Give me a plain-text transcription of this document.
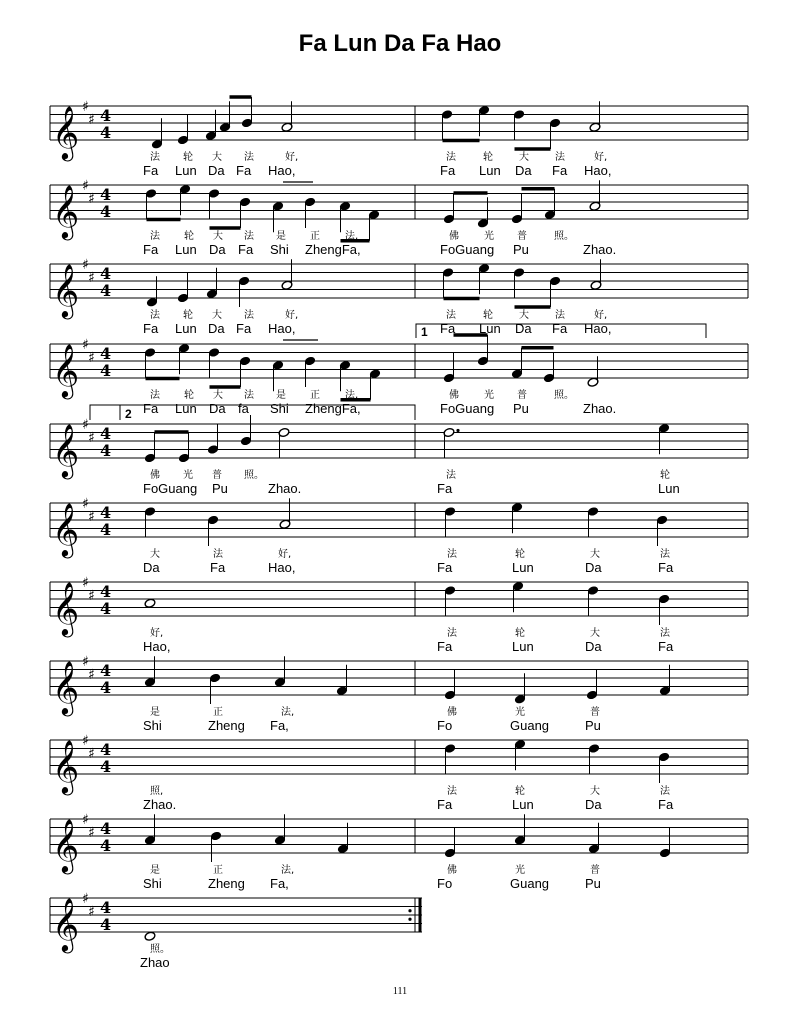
Fa Lun Da Fa Hao
𝄞 ♯
♯ 4
4
法 轮 大 法	好,	法	轮	大	法	好,
Fa Lun Da Fa Hao,	Fa Lun Da Fa Hao,
𝄞 ♯
♯ 4
4
法 轮 大 法 是 正	法,	佛	光 普	照。
Fa Lun Da Fa Shi ZhengFa,	FoGuang Pu	Zhao.
𝄞 ♯
♯ 4
4
法 轮 大 法	好,	法	轮	大	法	好,
Fa Lun Da Fa Hao,	Fa Lun Da Fa Hao,
𝄞 ♯
♯ 4
4
法 轮 大 法 是 正	法,	佛	光 普	照。
Fa Lun Da fa Shi ZhengFa,	FoGuang Pu	Zhao.
𝄞 ♯
♯ 4
4
佛 光 普 照。	法	轮
FoGuang Pu	Zhao.	Fa	Lun
𝄞 ♯
♯ 4
4
大	法	好,	法	轮	大	法
Da	Fa	Hao,	Fa	Lun	Da	Fa
𝄞 ♯
♯ 4
4
好,	法	轮	大	法
Hao,	Fa	Lun	Da	Fa
𝄞 ♯
♯ 4
4
是	正	法,	佛	光	普
Shi	Zheng Fa,	Fo	Guang	Pu
𝄞 ♯
♯ 4
4
照,	法	轮	大	法
Zhao.	Fa	Lun	Da	Fa
𝄞 ♯
♯ 4
4
是	正	法,	佛	光	普
Shi	Zheng Fa,	Fo	Guang	Pu
𝄞 ♯
♯ 4
4
照。
Zhao
1
2
111
